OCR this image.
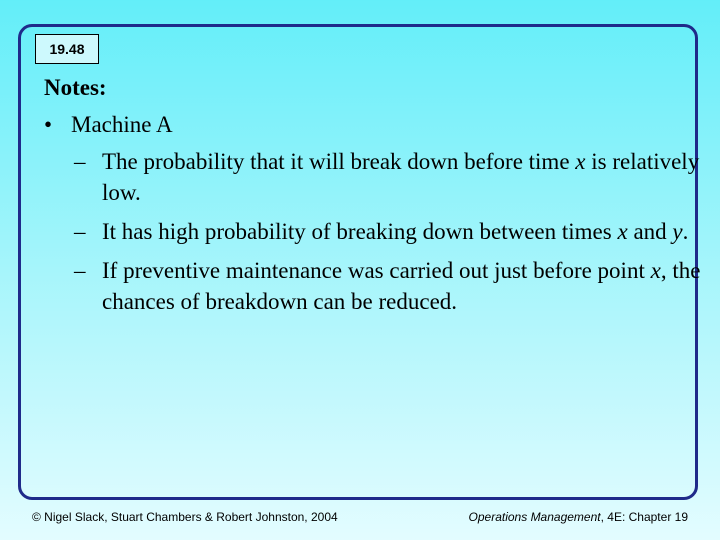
19.48
Notes:
• Machine A
– The probability that it will break down before time x is relatively low.
– It has high probability of breaking down between times x and y.
– If preventive maintenance was carried out just before point x, the chances of breakdown can be reduced.
© Nigel Slack, Stuart Chambers & Robert Johnston, 2004	Operations Management, 4E: Chapter 19
